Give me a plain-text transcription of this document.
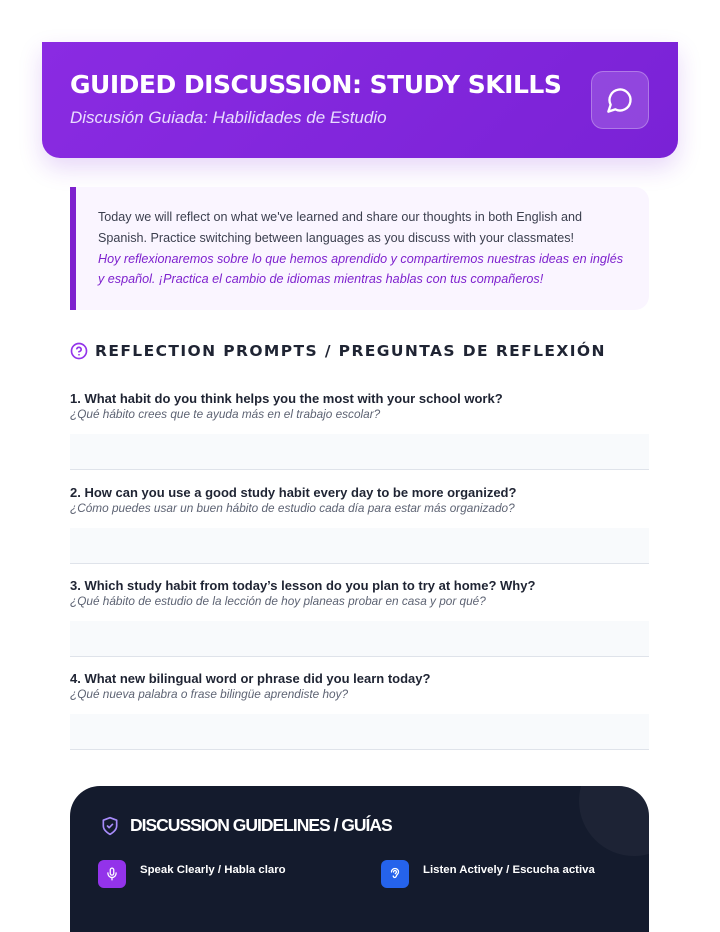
GUIDED DISCUSSION: STUDY SKILLS
Discusión Guiada: Habilidades de Estudio

Today we will reflect on what we've learned and share our thoughts in both English and Spanish. Practice switching between languages as you discuss with your classmates!

Hoy reflexionaremos sobre lo que hemos aprendido y compartiremos nuestras ideas en inglés y español. ¡Practica el cambio de idiomas mientras hablas con tus compañeros!

REFLECTION PROMPTS / PREGUNTAS DE REFLEXIÓN
1. What habit do you think helps you the most with your school work?
¿Qué hábito crees que te ayuda más en el trabajo escolar?
2. How can you use a good study habit every day to be more organized?
¿Cómo puedes usar un buen hábito de estudio cada día para estar más organizado?
3. Which study habit from today’s lesson do you plan to try at home? Why?
¿Qué hábito de estudio de la lección de hoy planeas probar en casa y por qué?
4. What new bilingual word or phrase did you learn today?
¿Qué nueva palabra o frase bilingüe aprendiste hoy?
DISCUSSION GUIDELINES / GUÍAS
Speak Clearly / Habla claro	Listen Actively / Escucha activa
